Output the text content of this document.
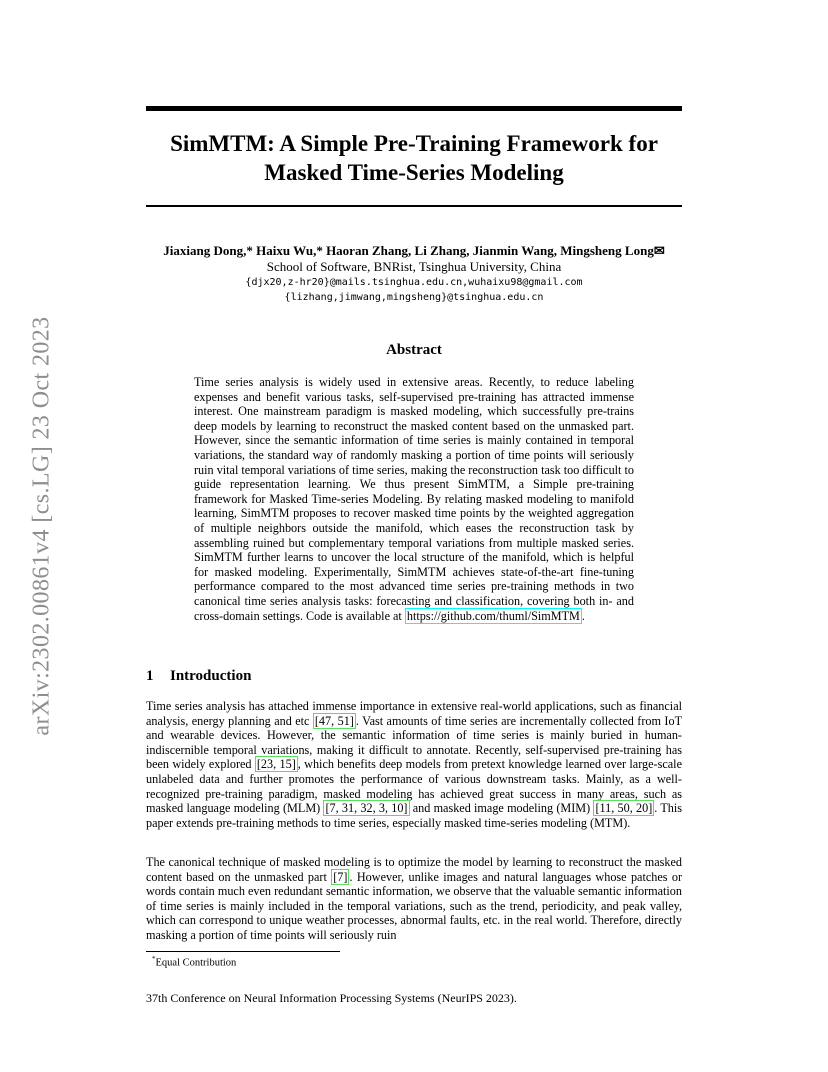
arXiv:2302.00861v4 [cs.LG] 23 Oct 2023
SimMTM: A Simple Pre-Training Framework for
Masked Time-Series Modeling
Jiaxiang Dong,* Haixu Wu,* Haoran Zhang, Li Zhang, Jianmin Wang, Mingsheng Long✉
School of Software, BNRist, Tsinghua University, China
{djx20,z-hr20}@mails.tsinghua.edu.cn,wuhaixu98@gmail.com
{lizhang,jimwang,mingsheng}@tsinghua.edu.cn
Abstract
Time series analysis is widely used in extensive areas. Recently, to reduce labeling expenses and benefit various tasks, self-supervised pre-training has attracted immense interest. One mainstream paradigm is masked modeling, which successfully pre-trains deep models by learning to reconstruct the masked content based on the unmasked part. However, since the semantic information of time series is mainly contained in temporal variations, the standard way of randomly masking a portion of time points will seriously ruin vital temporal variations of time series, making the reconstruction task too difficult to guide representation learning. We thus present SimMTM, a Simple pre-training framework for Masked Time-series Modeling. By relating masked modeling to manifold learning, SimMTM proposes to recover masked time points by the weighted aggregation of multiple neighbors outside the manifold, which eases the reconstruction task by assembling ruined but complementary temporal variations from multiple masked series. SimMTM further learns to uncover the local structure of the manifold, which is helpful for masked modeling. Experimentally, SimMTM achieves state-of-the-art fine-tuning performance compared to the most advanced time series pre-training methods in two canonical time series analysis tasks: forecasting and classification, covering both in- and cross-domain settings. Code is available at https://github.com/thuml/SimMTM .
1 Introduction
Time series analysis has attached immense importance in extensive real-world applications, such as financial analysis, energy planning and etc [47, 51] . Vast amounts of time series are incrementally collected from IoT and wearable devices. However, the semantic information of time series is mainly buried in human-indiscernible temporal variations, making it difficult to annotate. Recently, self-supervised pre-training has been widely explored [23, 15] , which benefits deep models from pretext knowledge learned over large-scale unlabeled data and further promotes the performance of various downstream tasks. Mainly, as a well-recognized pre-training paradigm, masked modeling has achieved great success in many areas, such as masked language modeling (MLM) [7, 31, 32, 3, 10] and masked image modeling (MIM) [11, 50, 20] . This paper extends pre-training methods to time series, especially masked time-series modeling (MTM).
The canonical technique of masked modeling is to optimize the model by learning to reconstruct the masked content based on the unmasked part [7] . However, unlike images and natural languages whose patches or words contain much even redundant semantic information, we observe that the valuable semantic information of time series is mainly included in the temporal variations, such as the trend, periodicity, and peak valley, which can correspond to unique weather processes, abnormal faults, etc. in the real world. Therefore, directly masking a portion of time points will seriously ruin
*Equal Contribution
37th Conference on Neural Information Processing Systems (NeurIPS 2023).
